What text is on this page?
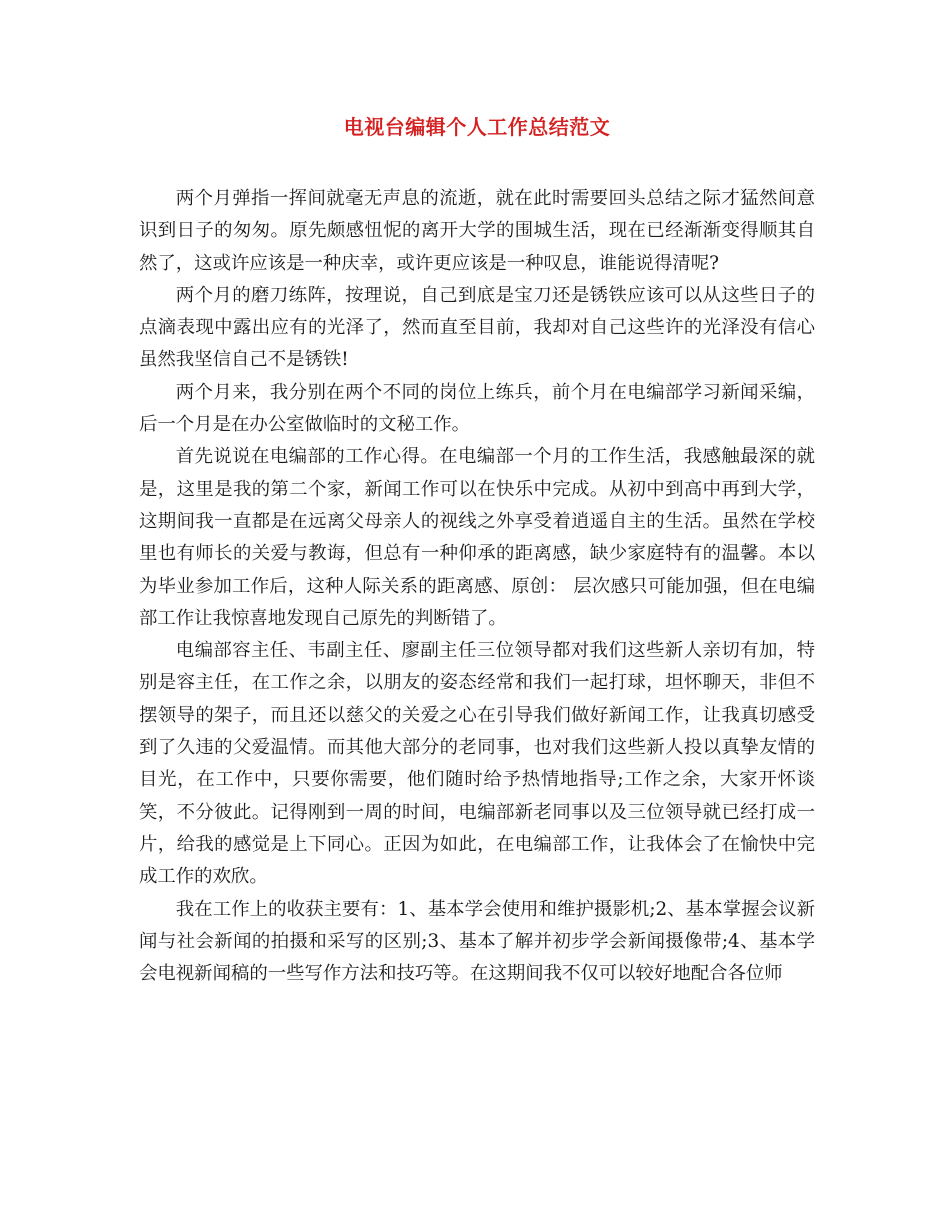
电视台编辑个人工作总结范文

两个月弹指一挥间就毫无声息的流逝，就在此时需要回头总结之际才猛然间意识到日子的匆匆。原先颇感忸怩的离开大学的围城生活，现在已经渐渐变得顺其自然了，这或许应该是一种庆幸，或许更应该是一种叹息，谁能说得清呢?

两个月的磨刀练阵，按理说，自己到底是宝刀还是锈铁应该可以从这些日子的点滴表现中露出应有的光泽了，然而直至目前，我却对自己这些许的光泽没有信心虽然我坚信自己不是锈铁!

两个月来，我分别在两个不同的岗位上练兵，前个月在电编部学习新闻采编，后一个月是在办公室做临时的文秘工作。

首先说说在电编部的工作心得。在电编部一个月的工作生活，我感触最深的就是，这里是我的第二个家，新闻工作可以在快乐中完成。从初中到高中再到大学，这期间我一直都是在远离父母亲人的视线之外享受着逍遥自主的生活。虽然在学校里也有师长的关爱与教诲，但总有一种仰承的距离感，缺少家庭特有的温馨。本以为毕业参加工作后，这种人际关系的距离感、原创： 层次感只可能加强，但在电编部工作让我惊喜地发现自己原先的判断错了。

电编部容主任、韦副主任、廖副主任三位领导都对我们这些新人亲切有加，特别是容主任，在工作之余，以朋友的姿态经常和我们一起打球，坦怀聊天，非但不摆领导的架子，而且还以慈父的关爱之心在引导我们做好新闻工作，让我真切感受到了久违的父爱温情。而其他大部分的老同事，也对我们这些新人投以真挚友情的目光，在工作中，只要你需要，他们随时给予热情地指导;工作之余，大家开怀谈笑，不分彼此。记得刚到一周的时间，电编部新老同事以及三位领导就已经打成一片，给我的感觉是上下同心。正因为如此，在电编部工作，让我体会了在愉快中完成工作的欢欣。

我在工作上的收获主要有：1、基本学会使用和维护摄影机;2、基本掌握会议新闻与社会新闻的拍摄和采写的区别;3、基本了解并初步学会新闻摄像带;4、基本学会电视新闻稿的一些写作方法和技巧等。在这期间我不仅可以较好地配合各位师
